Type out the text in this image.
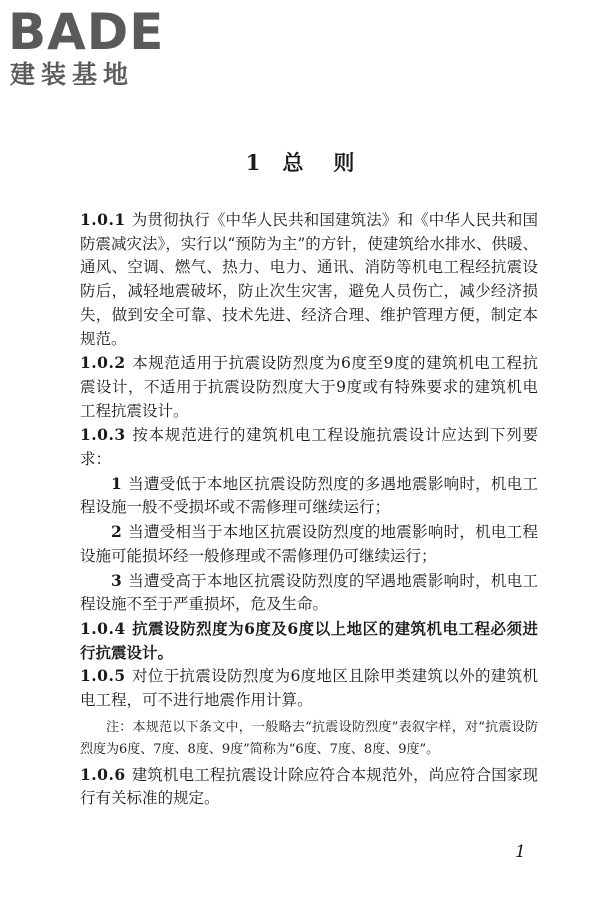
BADE
建装基地
1 总 则

1.0.1 为贯彻执行《中华人民共和国建筑法》和《中华人民共和国防震减灾法》，实行以“预防为主”的方针，使建筑给水排水、供暖、通风、空调、燃气、热力、电力、通讯、消防等机电工程经抗震设防后，减轻地震破坏，防止次生灾害，避免人员伤亡，减少经济损失，做到安全可靠、技术先进、经济合理、维护管理方便，制定本规范。

1.0.2 本规范适用于抗震设防烈度为6度至9度的建筑机电工程抗震设计，不适用于抗震设防烈度大于9度或有特殊要求的建筑机电工程抗震设计。

1.0.3 按本规范进行的建筑机电工程设施抗震设计应达到下列要求：

1 当遭受低于本地区抗震设防烈度的多遇地震影响时，机电工程设施一般不受损坏或不需修理可继续运行；

2 当遭受相当于本地区抗震设防烈度的地震影响时，机电工程设施可能损坏经一般修理或不需修理仍可继续运行；

3 当遭受高于本地区抗震设防烈度的罕遇地震影响时，机电工程设施不至于严重损坏，危及生命。

1.0.4 抗震设防烈度为6度及6度以上地区的建筑机电工程必须进行抗震设计。

1.0.5 对位于抗震设防烈度为6度地区且除甲类建筑以外的建筑机电工程，可不进行地震作用计算。

注：本规范以下条文中，一般略去“抗震设防烈度”表叙字样，对“抗震设防烈度为6度、7度、8度、9度”简称为“6度、7度、8度、9度”。

1.0.6 建筑机电工程抗震设计除应符合本规范外，尚应符合国家现行有关标准的规定。

1
